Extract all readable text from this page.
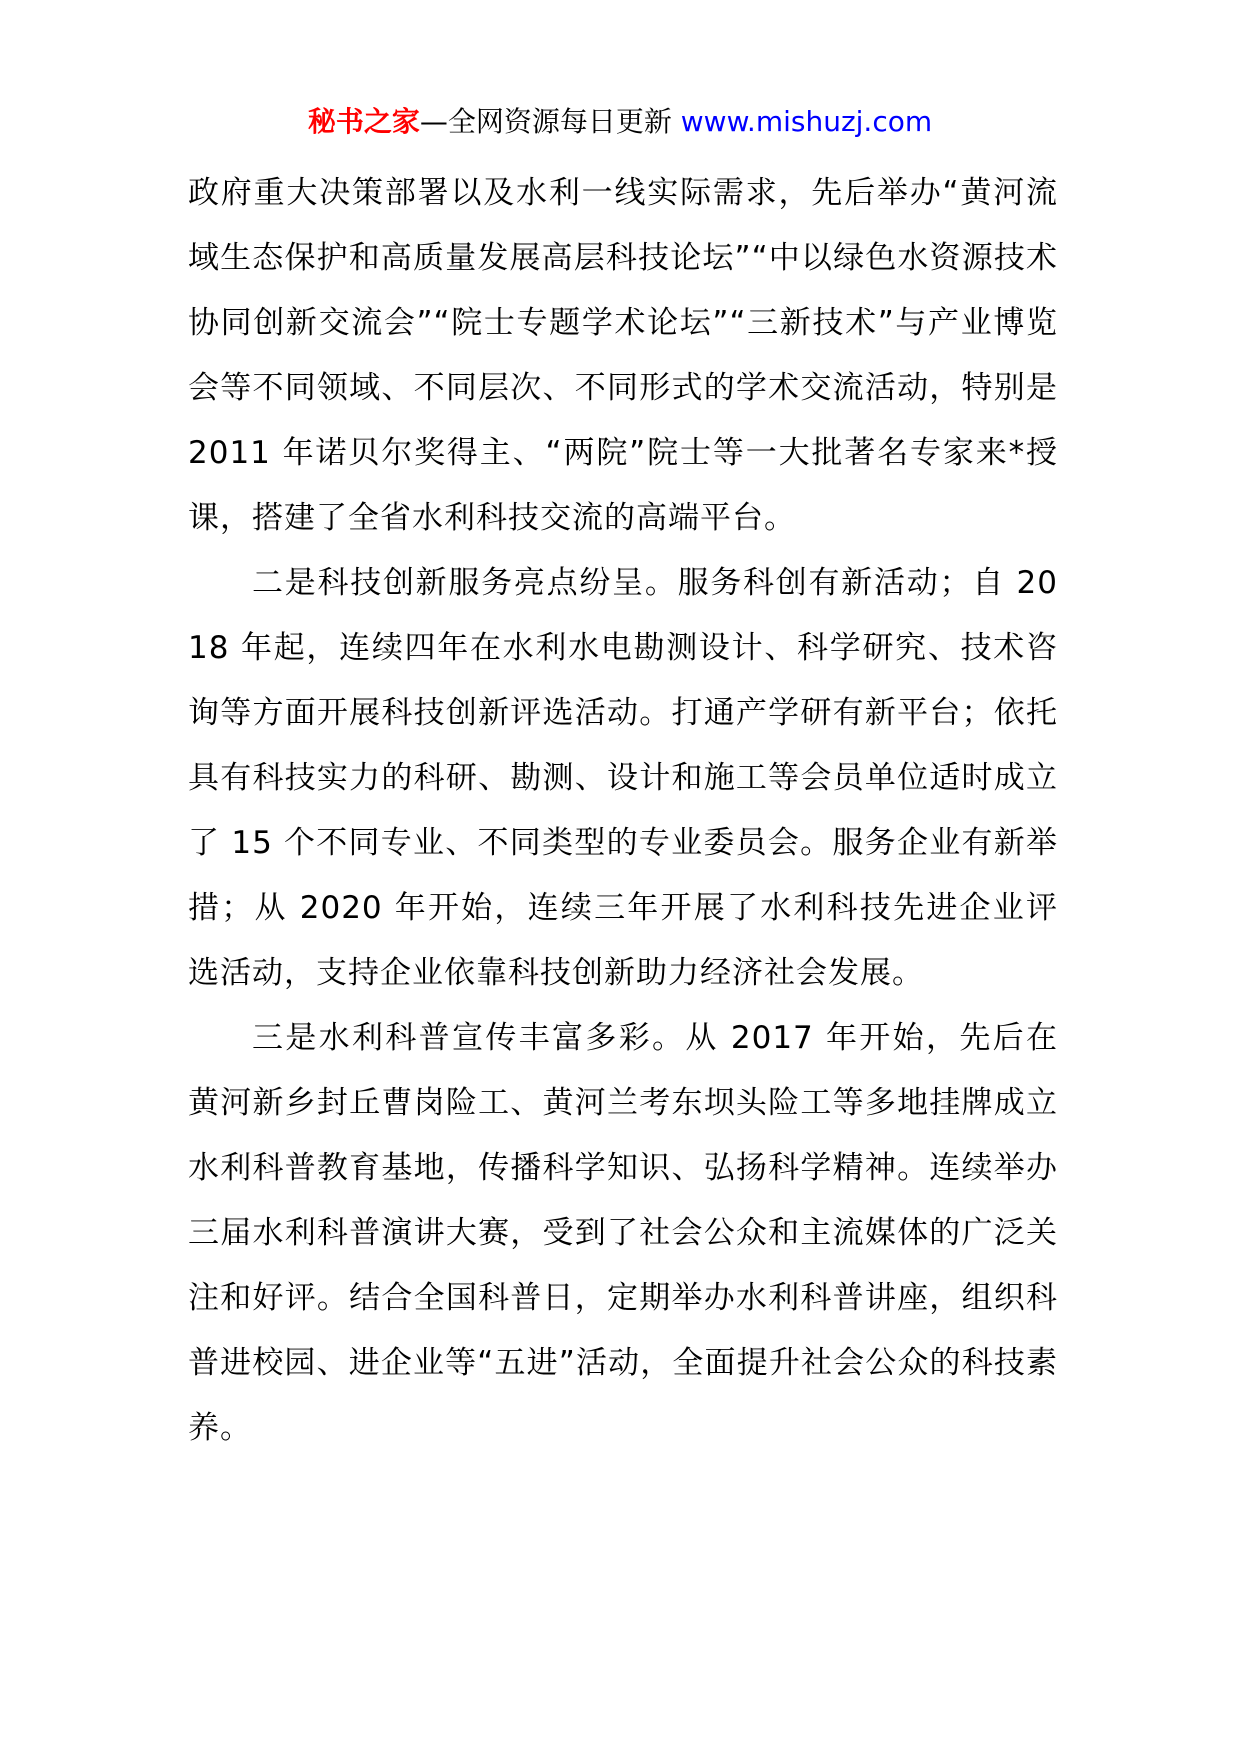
秘书之家—全网资源每日更新 www.mishuzj.com

政府重大决策部署以及水利一线实际需求，先后举办“黄河流域生态保护和高质量发展高层科技论坛”“中以绿色水资源技术协同创新交流会”“院士专题学术论坛”“三新技术”与产业博览会等不同领域、不同层次、不同形式的学术交流活动，特别是 2011 年诺贝尔奖得主、“两院”院士等一大批著名专家来*授课，搭建了全省水利科技交流的高端平台。

二是科技创新服务亮点纷呈。服务科创有新活动；自 2018 年起，连续四年在水利水电勘测设计、科学研究、技术咨询等方面开展科技创新评选活动。打通产学研有新平台；依托具有科技实力的科研、勘测、设计和施工等会员单位适时成立了 15 个不同专业、不同类型的专业委员会。服务企业有新举措；从 2020 年开始，连续三年开展了水利科技先进企业评选活动，支持企业依靠科技创新助力经济社会发展。

三是水利科普宣传丰富多彩。从 2017 年开始，先后在黄河新乡封丘曹岗险工、黄河兰考东坝头险工等多地挂牌成立水利科普教育基地，传播科学知识、弘扬科学精神。连续举办三届水利科普演讲大赛，受到了社会公众和主流媒体的广泛关注和好评。结合全国科普日，定期举办水利科普讲座，组织科普进校园、进企业等“五进”活动，全面提升社会公众的科技素养。
